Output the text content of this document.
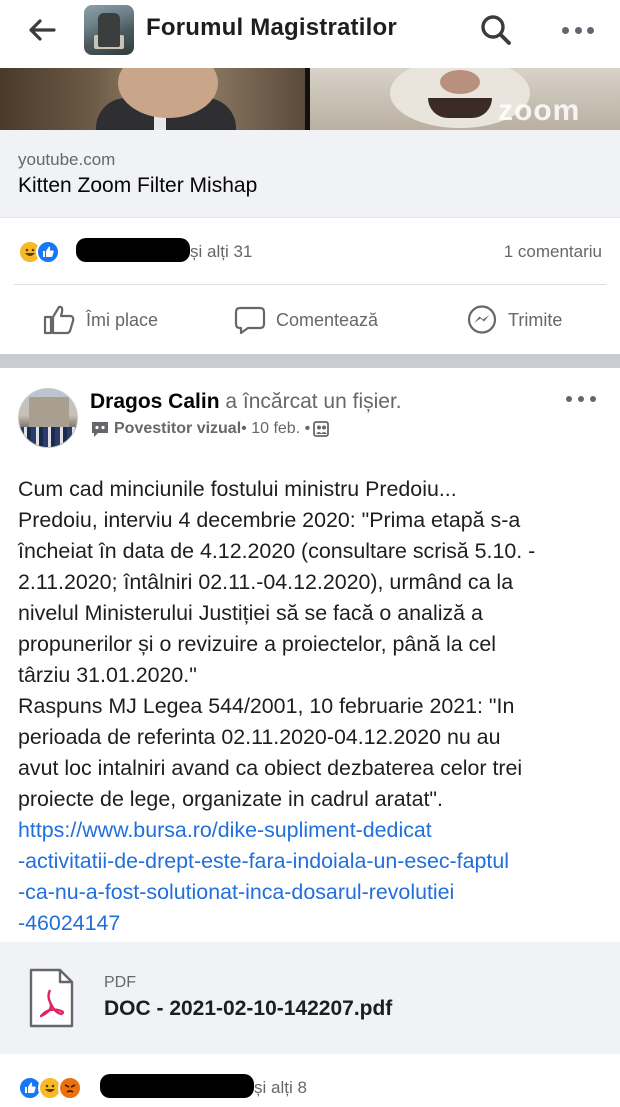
Forumul Magistratilor
zoom
youtube.com
Kitten Zoom Filter Mishap
și alți 31	1 comentariu
Îmi place	Comentează	Trimite
Dragos Calin a încărcat un fișier.
Povestitor vizual • 10 feb. •
Cum cad minciunile fostului ministru Predoiu...
Predoiu, interviu 4 decembrie 2020: "Prima etapă s-a
încheiat în data de 4.12.2020 (consultare scrisă 5.10. -
2.11.2020; întâlniri 02.11.-04.12.2020), urmând ca la
nivelul Ministerului Justiției să se facă o analiză a
propunerilor și o revizuire a proiectelor, până la cel
târziu 31.01.2020."
Raspuns MJ Legea 544/2001, 10 februarie 2021: "In
perioada de referinta 02.11.2020-04.12.2020 nu au
avut loc intalniri avand ca obiect dezbaterea celor trei
proiecte de lege, organizate in cadrul aratat".
https://www.bursa.ro/dike-supliment-dedicat
-activitatii-de-drept-este-fara-indoiala-un-esec-faptul
-ca-nu-a-fost-solutionat-inca-dosarul-revolutiei
-46024147
PDF
DOC - 2021-02-10-142207.pdf
și alți 8
